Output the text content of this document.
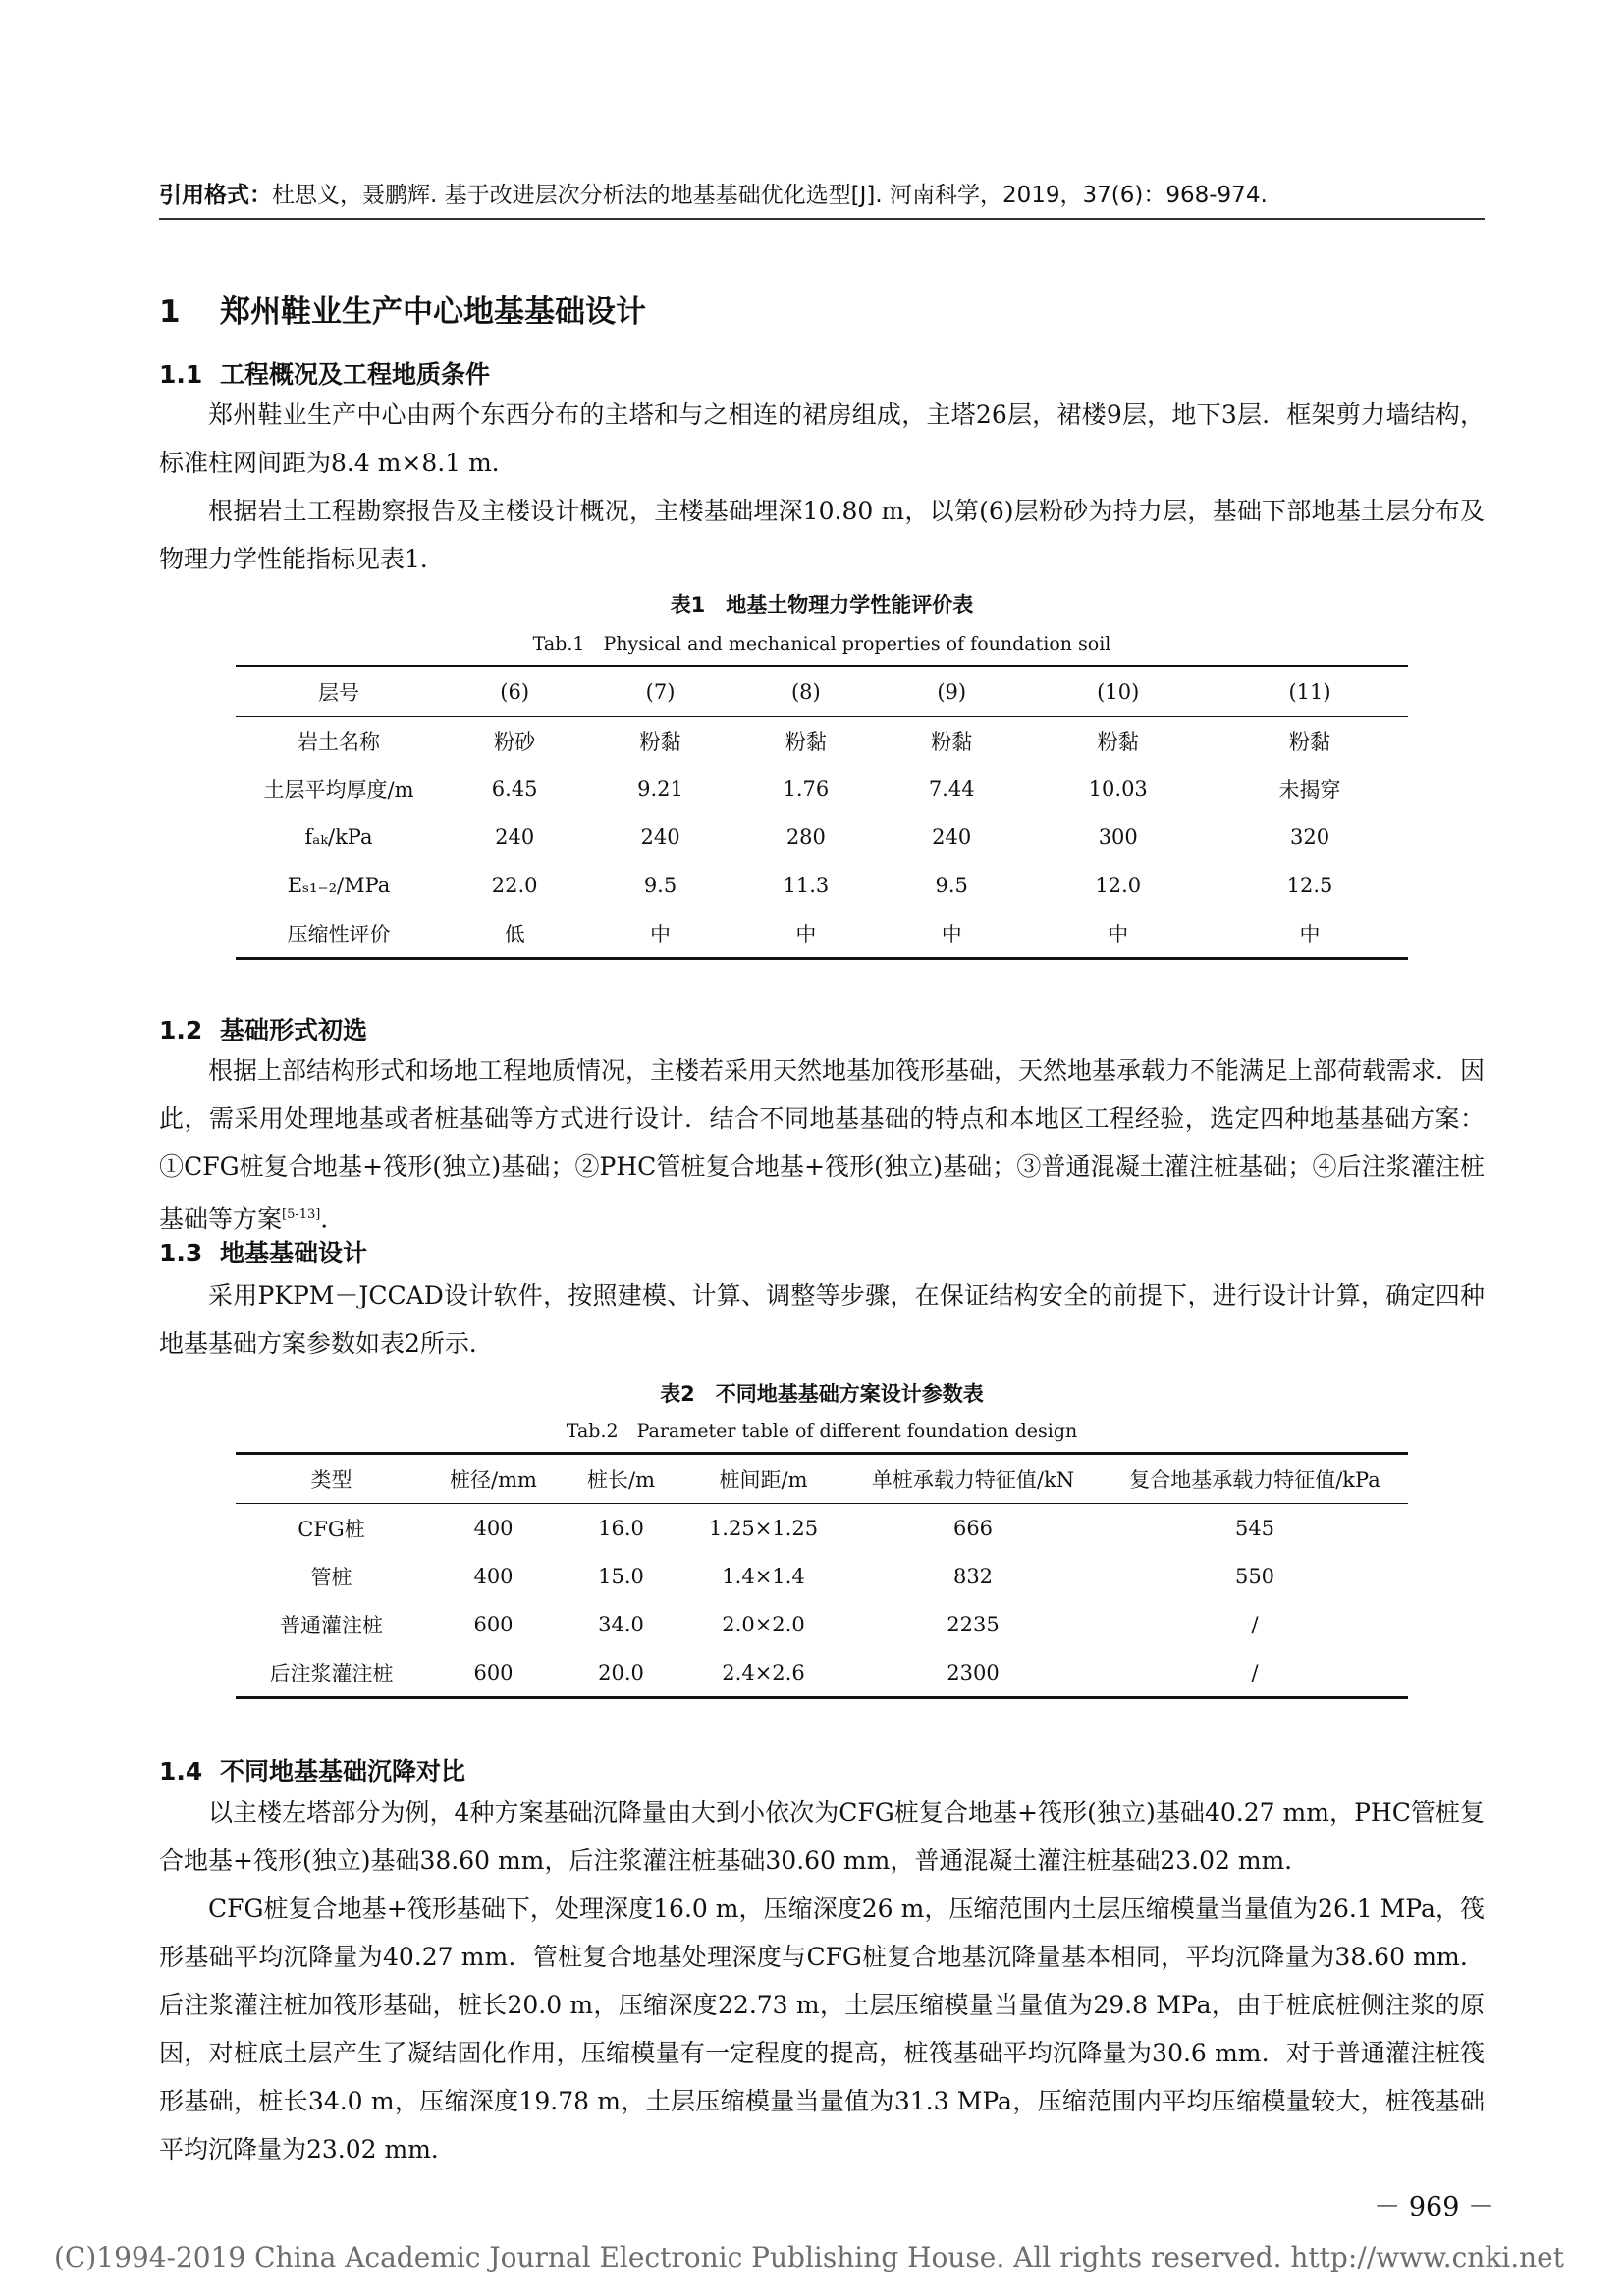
引用格式：杜思义，聂鹏辉. 基于改进层次分析法的地基基础优化选型[J]. 河南科学，2019，37(6)：968-974.
1 郑州鞋业生产中心地基基础设计
1.1 工程概况及工程地质条件

郑州鞋业生产中心由两个东西分布的主塔和与之相连的裙房组成，主塔26层，裙楼9层，地下3层．框架剪力墙结构，标准柱网间距为8.4 m×8.1 m．

根据岩土工程勘察报告及主楼设计概况，主楼基础埋深10.80 m，以第(6)层粉砂为持力层，基础下部地基土层分布及物理力学性能指标见表1．

表1　地基土物理力学性能评价表
Tab.1　Physical and mechanical properties of foundation soil
层号	(6)	(7)	(8)	(9)	(10)	(11)
岩土名称	粉砂	粉黏	粉黏	粉黏	粉黏	粉黏
土层平均厚度/m	6.45	9.21	1.76	7.44	10.03	未揭穿
fₐₖ/kPa	240	240	280	240	300	320
Eₛ₁₋₂/MPa	22.0	9.5	11.3	9.5	12.0	12.5
压缩性评价	低	中	中	中	中	中
1.2 基础形式初选

根据上部结构形式和场地工程地质情况，主楼若采用天然地基加筏形基础，天然地基承载力不能满足上部荷载需求．因此，需采用处理地基或者桩基础等方式进行设计．结合不同地基基础的特点和本地区工程经验，选定四种地基基础方案：①CFG桩复合地基+筏形(独立)基础；②PHC管桩复合地基+筏形(独立)基础；③普通混凝土灌注桩基础；④后注浆灌注桩基础等方案[5-13]．

1.3 地基基础设计

采用PKPM－JCCAD设计软件，按照建模、计算、调整等步骤，在保证结构安全的前提下，进行设计计算，确定四种地基基础方案参数如表2所示．

表2　不同地基基础方案设计参数表
Tab.2　Parameter table of different foundation design
类型	桩径/mm	桩长/m	桩间距/m	单桩承载力特征值/kN	复合地基承载力特征值/kPa
CFG桩	400	16.0	1.25×1.25	666	545
管桩	400	15.0	1.4×1.4	832	550
普通灌注桩	600	34.0	2.0×2.0	2235	/
后注浆灌注桩	600	20.0	2.4×2.6	2300	/
1.4 不同地基基础沉降对比

以主楼左塔部分为例，4种方案基础沉降量由大到小依次为CFG桩复合地基+筏形(独立)基础40.27 mm，PHC管桩复合地基+筏形(独立)基础38.60 mm，后注浆灌注桩基础30.60 mm，普通混凝土灌注桩基础23.02 mm．

CFG桩复合地基+筏形基础下，处理深度16.0 m，压缩深度26 m，压缩范围内土层压缩模量当量值为26.1 MPa，筏形基础平均沉降量为40.27 mm．管桩复合地基处理深度与CFG桩复合地基沉降量基本相同，平均沉降量为38.60 mm．后注浆灌注桩加筏形基础，桩长20.0 m，压缩深度22.73 m，土层压缩模量当量值为29.8 MPa，由于桩底桩侧注浆的原因，对桩底土层产生了凝结固化作用，压缩模量有一定程度的提高，桩筏基础平均沉降量为30.6 mm．对于普通灌注桩筏形基础，桩长34.0 m，压缩深度19.78 m，土层压缩模量当量值为31.3 MPa，压缩范围内平均压缩模量较大，桩筏基础平均沉降量为23.02 mm．

－ 969 －
(C)1994-2019 China Academic Journal Electronic Publishing House. All rights reserved. http://www.cnki.net
